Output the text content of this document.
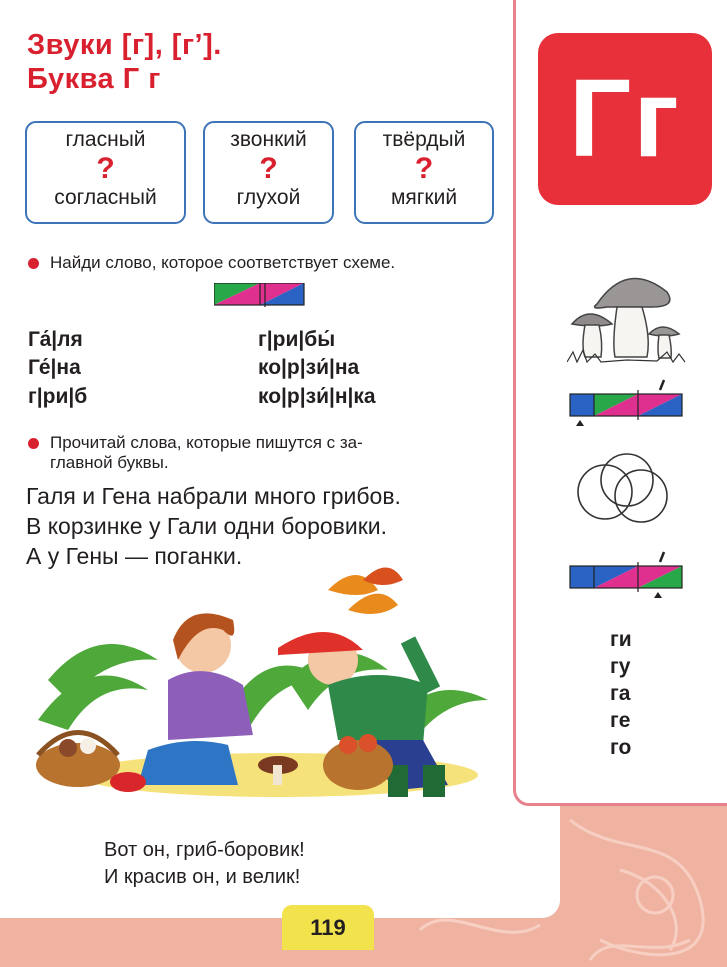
Звуки [г], [г’].
Буква Г г
гласный
?
согласный
звонкий
?
глухой
твёрдый
?
мягкий
Найди слово, которое соответствует схеме.
Га́|ля
Ге́|на
г|ри|б
г|ри|бы́
ко|р|зи́|на
ко|р|зи́|н|ка
Прочитай слова, которые пишутся с за-
главной буквы.
Галя и Гена набрали много грибов.
В корзинке у Гали одни боровики.
А у Гены — поганки.
Вот он, гриб-боровик!
И красив он, и велик!
119
Гг
ги
гу
га
ге
го
